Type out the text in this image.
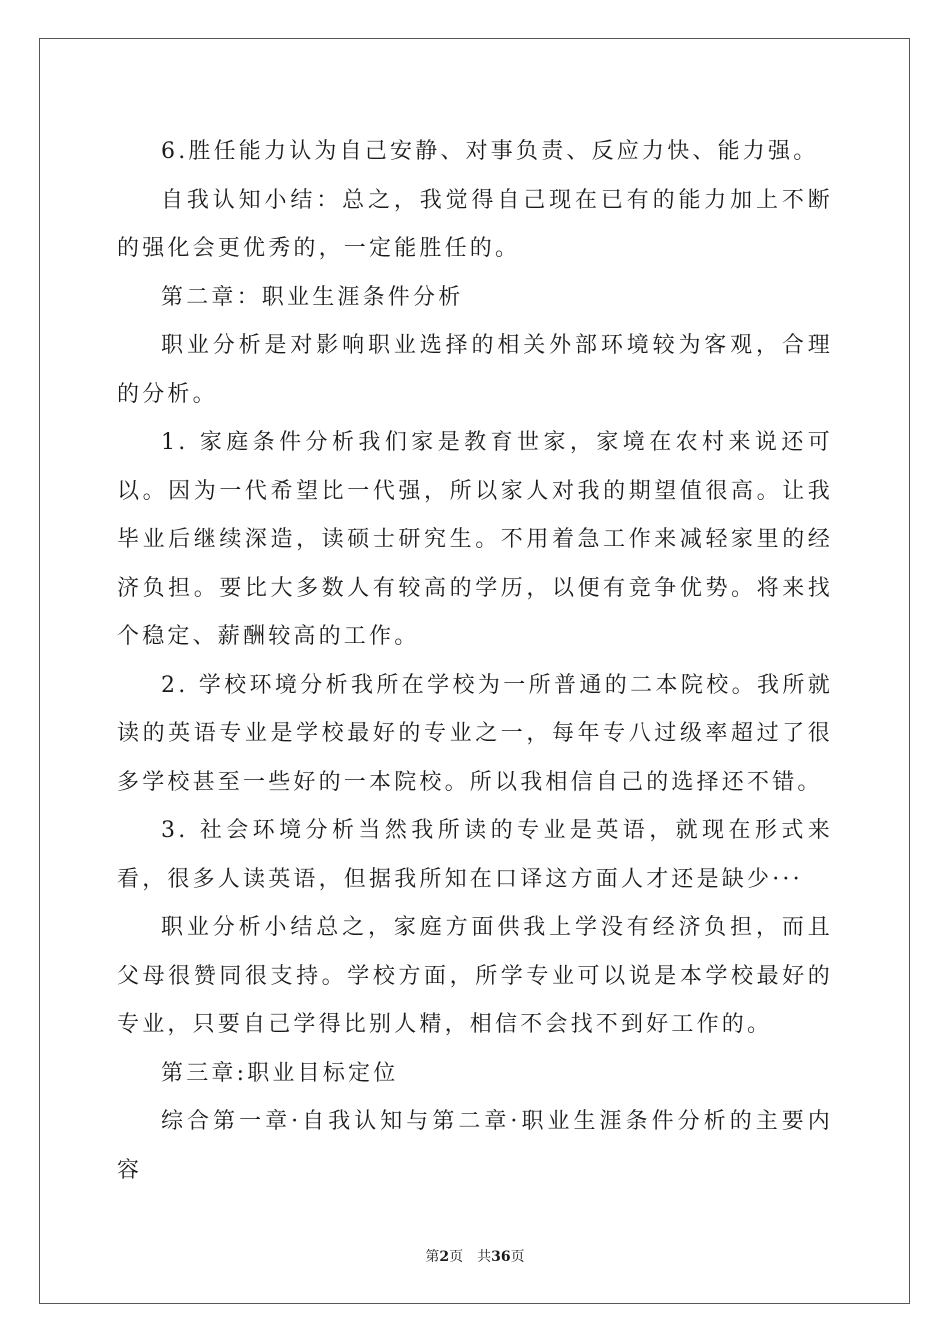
6.胜任能力认为自己安静、对事负责、反应力快、能力强。

自我认知小结：总之，我觉得自己现在已有的能力加上不断的强化会更优秀的，一定能胜任的。

第二章：职业生涯条件分析

职业分析是对影响职业选择的相关外部环境较为客观，合理的分析。

1. 家庭条件分析我们家是教育世家，家境在农村来说还可以。因为一代希望比一代强，所以家人对我的期望值很高。让我毕业后继续深造，读硕士研究生。不用着急工作来减轻家里的经济负担。要比大多数人有较高的学历，以便有竞争优势。将来找个稳定、薪酬较高的工作。

2. 学校环境分析我所在学校为一所普通的二本院校。我所就读的英语专业是学校最好的专业之一，每年专八过级率超过了很多学校甚至一些好的一本院校。所以我相信自己的选择还不错。

3. 社会环境分析当然我所读的专业是英语，就现在形式来看，很多人读英语，但据我所知在口译这方面人才还是缺少···

职业分析小结总之，家庭方面供我上学没有经济负担，而且父母很赞同很支持。学校方面，所学专业可以说是本学校最好的专业，只要自己学得比别人精，相信不会找不到好工作的。

第三章:职业目标定位

综合第一章·自我认知与第二章·职业生涯条件分析的主要内容

第2页 共36页
